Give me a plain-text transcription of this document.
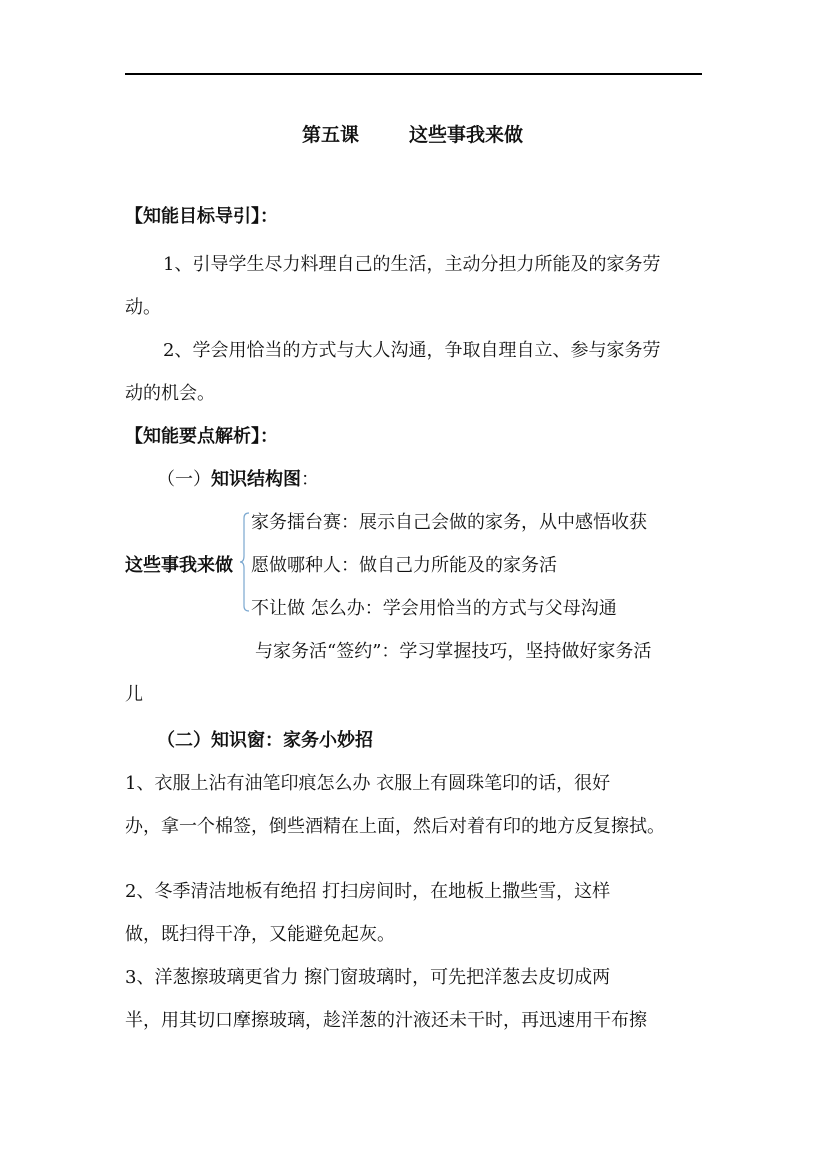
第五课	这些事我来做
【知能目标导引】：
1、引导学生尽力料理自己的生活，主动分担力所能及的家务劳
动。
2、学会用恰当的方式与大人沟通，争取自理自立、参与家务劳
动的机会。
【知能要点解析】：
（一）知识结构图：
这些事我来做
家务擂台赛：展示自己会做的家务，从中感悟收获
愿做哪种人：做自己力所能及的家务活
不让做 怎么办：学会用恰当的方式与父母沟通
与家务活“签约”：学习掌握技巧，坚持做好家务活
儿
（二）知识窗：家务小妙招
1、衣服上沾有油笔印痕怎么办 衣服上有圆珠笔印的话，很好
办，拿一个棉签，倒些酒精在上面，然后对着有印的地方反复擦拭。
2、冬季清洁地板有绝招 打扫房间时，在地板上撒些雪，这样
做，既扫得干净，又能避免起灰。
3、洋葱擦玻璃更省力 擦门窗玻璃时，可先把洋葱去皮切成两
半，用其切口摩擦玻璃，趁洋葱的汁液还未干时，再迅速用干布擦
